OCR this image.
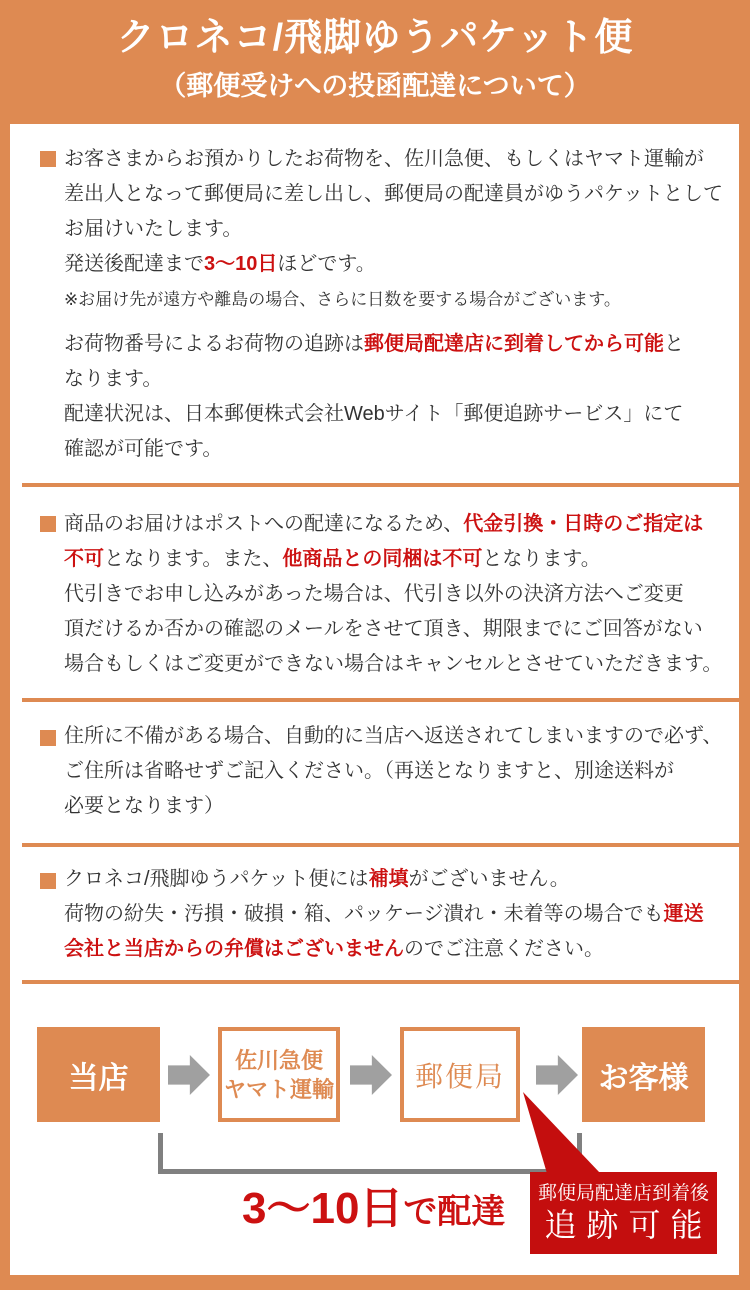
クロネコ/飛脚ゆうパケット便
（郵便受けへの投函配達について）
お客さまからお預かりしたお荷物を、佐川急便、もしくはヤマト運輸が
差出人となって郵便局に差し出し、郵便局の配達員がゆうパケットとして
お届けいたします。
発送後配達まで3〜10日ほどです。
※お届け先が遠方や離島の場合、さらに日数を要する場合がございます。
お荷物番号によるお荷物の追跡は郵便局配達店に到着してから可能と
なります。
配達状況は、日本郵便株式会社Webサイト「郵便追跡サービス」にて
確認が可能です。
商品のお届けはポストへの配達になるため、代金引換・日時のご指定は
不可となります。また、他商品との同梱は不可となります。
代引きでお申し込みがあった場合は、代引き以外の決済方法へご変更
頂だけるか否かの確認のメールをさせて頂き、期限までにご回答がない
場合もしくはご変更ができない場合はキャンセルとさせていただきます。
住所に不備がある場合、自動的に当店へ返送されてしまいますので必ず、
ご住所は省略せずご記入ください。（再送となりますと、別途送料が
必要となります）
クロネコ/飛脚ゆうパケット便には補填がございません。
荷物の紛失・汚損・破損・箱、パッケージ潰れ・未着等の場合でも運送
会社と当店からの弁償はございませんのでご注意ください。
当店
佐川急便
ヤマト運輸	郵便局	お客様
3〜10日で配達 郵便局配達店到着後
追跡可能
